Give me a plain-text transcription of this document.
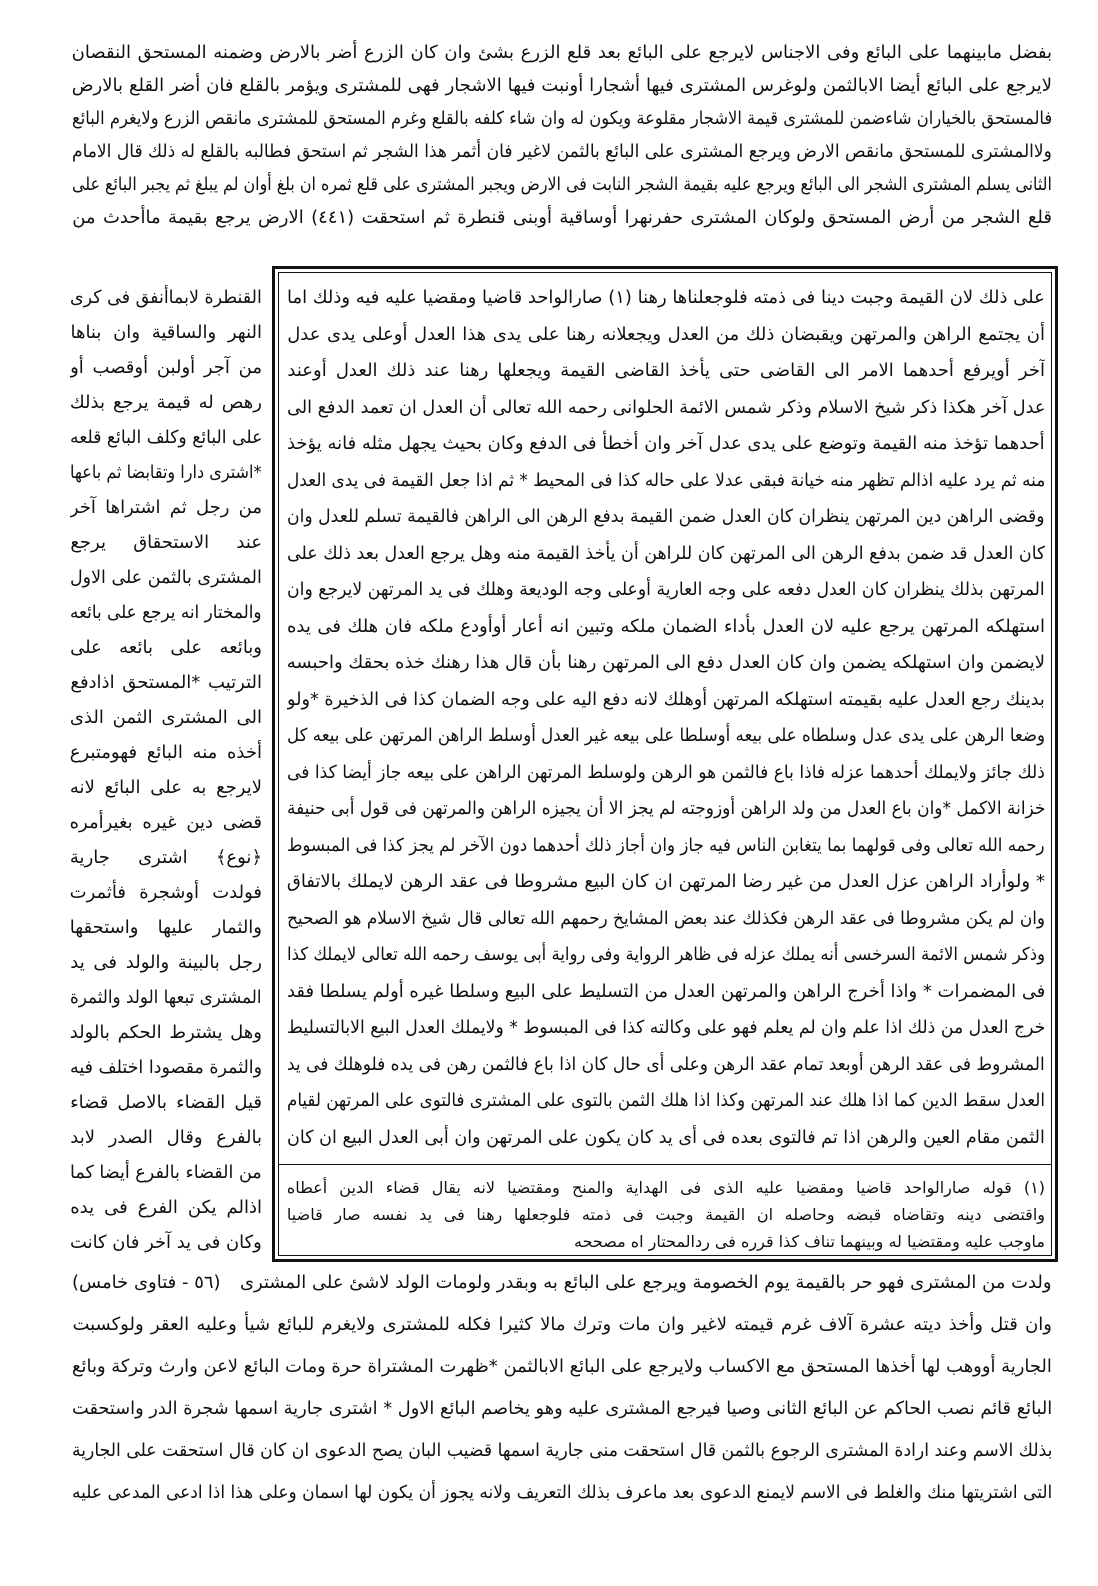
بفضل مابينهما على البائع وفى الاجناس لايرجع على البائع بعد قلع الزرع بشئ وان كان الزرع أضر بالارض وضمنه المستحق النقصان
لايرجع على البائع أيضا الابالثمن ولوغرس المشترى فيها أشجارا أونبت فيها الاشجار فهى للمشترى ويؤمر بالقلع فان أضر القلع بالارض
فالمستحق بالخياران شاءضمن للمشترى قيمة الاشجار مقلوعة ويكون له وان شاء كلفه بالقلع وغرم المستحق للمشترى مانقص الزرع ولايغرم البائع
ولاالمشترى للمستحق مانقص الارض ويرجع المشترى على البائع بالثمن لاغير فان أثمر هذا الشجر ثم استحق فطالبه بالقلع له ذلك قال الامام
الثانى يسلم المشترى الشجر الى البائع ويرجع عليه بقيمة الشجر النابت فى الارض ويجبر المشترى على قلع ثمره ان بلغ أوان لم يبلغ ثم يجبر البائع على
قلع الشجر من أرض المستحق ولوكان المشترى حفرنهرا أوساقية أوبنى قنطرة ثم استحقت (٤٤١) الارض يرجع بقيمة ماأحدث من
على ذلك لان القيمة وجبت دينا فى ذمته فلوجعلناها رهنا (١) صارالواحد قاضيا ومقضيا عليه فيه وذلك اما
أن يجتمع الراهن والمرتهن ويقبضان ذلك من العدل ويجعلانه رهنا على يدى هذا العدل أوعلى يدى عدل
آخر أويرفع أحدهما الامر الى القاضى حتى يأخذ القاضى القيمة ويجعلها رهنا عند ذلك العدل أوعند
عدل آخر هكذا ذكر شيخ الاسلام وذكر شمس الائمة الحلوانى رحمه الله تعالى أن العدل ان تعمد الدفع الى
أحدهما تؤخذ منه القيمة وتوضع على يدى عدل آخر وان أخطأ فى الدفع وكان بحيث يجهل مثله فانه يؤخذ
منه ثم يرد عليه اذالم تظهر منه خيانة فبقى عدلا على حاله كذا فى المحيط * ثم اذا جعل القيمة فى يدى العدل
وقضى الراهن دين المرتهن ينظران كان العدل ضمن القيمة بدفع الرهن الى الراهن فالقيمة تسلم للعدل وان
كان العدل قد ضمن بدفع الرهن الى المرتهن كان للراهن أن يأخذ القيمة منه وهل يرجع العدل بعد ذلك على
المرتهن بذلك ينظران كان العدل دفعه على وجه العارية أوعلى وجه الوديعة وهلك فى يد المرتهن لايرجع وان
استهلكه المرتهن يرجع عليه لان العدل بأداء الضمان ملكه وتبين انه أعار أوأودع ملكه فان هلك فى يده
لايضمن وان استهلكه يضمن وان كان العدل دفع الى المرتهن رهنا بأن قال هذا رهنك خذه بحقك واحبسه
بدينك رجع العدل عليه بقيمته استهلكه المرتهن أوهلك لانه دفع اليه على وجه الضمان كذا فى الذخيرة *ولو
وضعا الرهن على يدى عدل وسلطاه على بيعه أوسلطا على بيعه غير العدل أوسلط الراهن المرتهن على بيعه كل
ذلك جائز ولايملك أحدهما عزله فاذا باع فالثمن هو الرهن ولوسلط المرتهن الراهن على بيعه جاز أيضا كذا فى
خزانة الاكمل *وان باع العدل من ولد الراهن أوزوجته لم يجز الا أن يجيزه الراهن والمرتهن فى قول أبى حنيفة
رحمه الله تعالى وفى قولهما بما يتغابن الناس فيه جاز وان أجاز ذلك أحدهما دون الآخر لم يجز كذا فى المبسوط
* ولوأراد الراهن عزل العدل من غير رضا المرتهن ان كان البيع مشروطا فى عقد الرهن لايملك بالاتفاق
وان لم يكن مشروطا فى عقد الرهن فكذلك عند بعض المشايخ رحمهم الله تعالى قال شيخ الاسلام هو الصحيح
وذكر شمس الائمة السرخسى أنه يملك عزله فى ظاهر الرواية وفى رواية أبى يوسف رحمه الله تعالى لايملك كذا
فى المضمرات * واذا أخرج الراهن والمرتهن العدل من التسليط على البيع وسلطا غيره أولم يسلطا فقد
خرج العدل من ذلك اذا علم وان لم يعلم فهو على وكالته كذا فى المبسوط * ولايملك العدل البيع الابالتسليط
المشروط فى عقد الرهن أوبعد تمام عقد الرهن وعلى أى حال كان اذا باع فالثمن رهن فى يده فلوهلك فى يد
العدل سقط الدين كما اذا هلك عند المرتهن وكذا اذا هلك الثمن بالتوى على المشترى فالتوى على المرتهن لقيام
الثمن مقام العين والرهن اذا تم فالتوى بعده فى أى يد كان يكون على المرتهن وان أبى العدل البيع ان كان
(١) قوله صارالواحد قاضيا ومقضيا عليه الذى فى الهداية والمنح ومقتضيا لانه يقال قضاء الدين أعطاه
واقتضى دينه وتقاضاه قبضه وحاصله ان القيمة وجبت فى ذمته فلوجعلها رهنا فى يد نفسه صار قاضيا
ماوجب عليه ومقتضيا له وبينهما تناف كذا قرره فى ردالمحتار اه مصححه
القنطرة لابماأنفق فى كرى
النهر والساقية وان بناها
من آجر أولبن أوقصب أو
رهص له قيمة يرجع بذلك
على البائع وكلف البائع قلعه
*اشترى دارا وتقابضا ثم باعها
من رجل ثم اشتراها آخر
عند الاستحقاق يرجع
المشترى بالثمن على الاول
والمختار انه يرجع على بائعه
وبائعه على بائعه على
الترتيب *المستحق اذادفع
الى المشترى الثمن الذى
أخذه منه البائع فهومتبرع
لايرجع به على البائع لانه
قضى دين غيره بغيرأمره
﴿نوع﴾ اشترى جارية
فولدت أوشجرة فأثمرت
والثمار عليها واستحقها
رجل بالبينة والولد فى يد
المشترى تبعها الولد والثمرة
وهل يشترط الحكم بالولد
والثمرة مقصودا اختلف فيه
قيل القضاء بالاصل قضاء
بالفرع وقال الصدر لابد
من القضاء بالفرع أيضا كما
اذالم يكن الفرع فى يده
وكان فى يد آخر فان كانت
(٥٦ - فتاوى خامس)	ولدت من المشترى فهو حر بالقيمة يوم الخصومة ويرجع على البائع به وبقدر ولومات الولد لاشئ على المشترى
وان قتل وأخذ ديته عشرة آلاف غرم قيمته لاغير وان مات وترك مالا كثيرا فكله للمشترى ولايغرم للبائع شيأ وعليه العقر ولوكسبت
الجارية أووهب لها أخذها المستحق مع الاكساب ولايرجع على البائع الابالثمن *ظهرت المشتراة حرة ومات البائع لاعن وارث وتركة وبائع
البائع قائم نصب الحاكم عن البائع الثانى وصيا فيرجع المشترى عليه وهو يخاصم البائع الاول * اشترى جارية اسمها شجرة الدر واستحقت
بذلك الاسم وعند ارادة المشترى الرجوع بالثمن قال استحقت منى جارية اسمها قضيب البان يصح الدعوى ان كان قال استحقت على الجارية
التى اشتريتها منك والغلط فى الاسم لايمنع الدعوى بعد ماعرف بذلك التعريف ولانه يجوز أن يكون لها اسمان وعلى هذا اذا ادعى المدعى عليه
